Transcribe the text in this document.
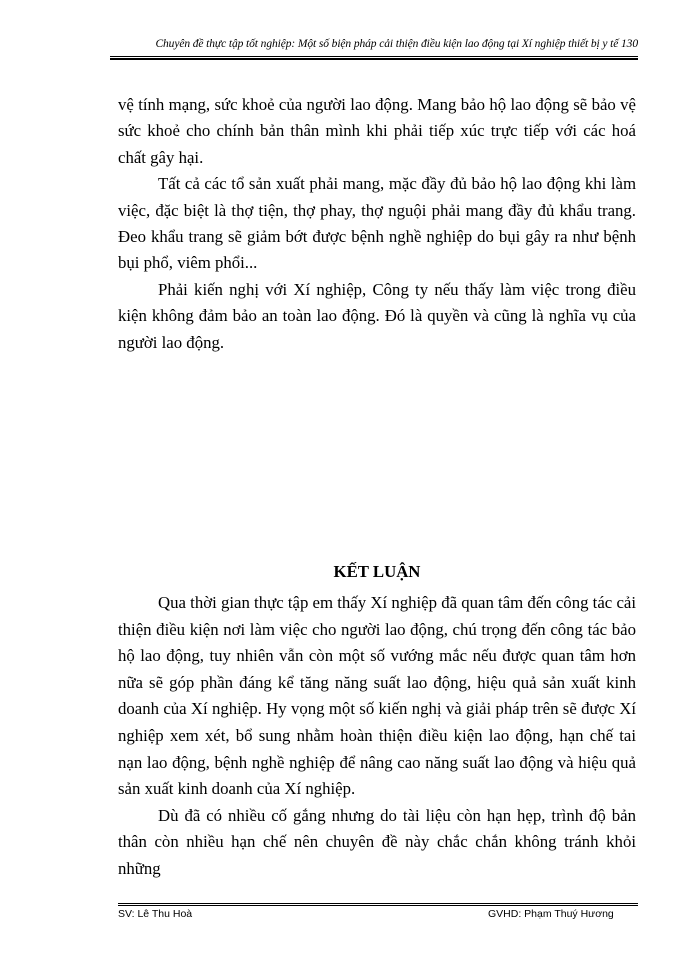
Chuyên đề thực tập tốt nghiệp: Một số biện pháp cải thiện điều kiện lao động tại Xí nghiệp thiết bị y tế 130

vệ tính mạng, sức khoẻ của người lao động. Mang bảo hộ lao động sẽ bảo vệ sức khoẻ cho chính bản thân mình khi phải tiếp xúc trực tiếp với các hoá chất gây hại.

Tất cả các tổ sản xuất phải mang, mặc đầy đủ bảo hộ lao động khi làm việc, đặc biệt là thợ tiện, thợ phay, thợ nguội phải mang đầy đủ khẩu trang. Đeo khẩu trang sẽ giảm bớt được bệnh nghề nghiệp do bụi gây ra như bệnh bụi phổ, viêm phổi...

Phải kiến nghị với Xí nghiệp, Công ty nếu thấy làm việc trong điều kiện không đảm bảo an toàn lao động. Đó là quyền và cũng là nghĩa vụ của người lao động.

KẾT LUẬN

Qua thời gian thực tập em thấy Xí nghiệp đã quan tâm đến công tác cải thiện điều kiện nơi làm việc cho người lao động, chú trọng đến công tác bảo hộ lao động, tuy nhiên vẫn còn một số vướng mắc nếu được quan tâm hơn nữa sẽ góp phần đáng kể tăng năng suất lao động, hiệu quả sản xuất kinh doanh của Xí nghiệp. Hy vọng một số kiến nghị và giải pháp trên sẽ được Xí nghiệp xem xét, bổ sung nhằm hoàn thiện điều kiện lao động, hạn chế tai nạn lao động, bệnh nghề nghiệp để nâng cao năng suất lao động và hiệu quả sản xuất kinh doanh của Xí nghiệp.

Dù đã có nhiều cố gắng nhưng do tài liệu còn hạn hẹp, trình độ bản thân còn nhiều hạn chế nên chuyên đề này chắc chắn không tránh khỏi những

SV: Lê Thu Hoà	GVHD: Phạm Thuý Hương
